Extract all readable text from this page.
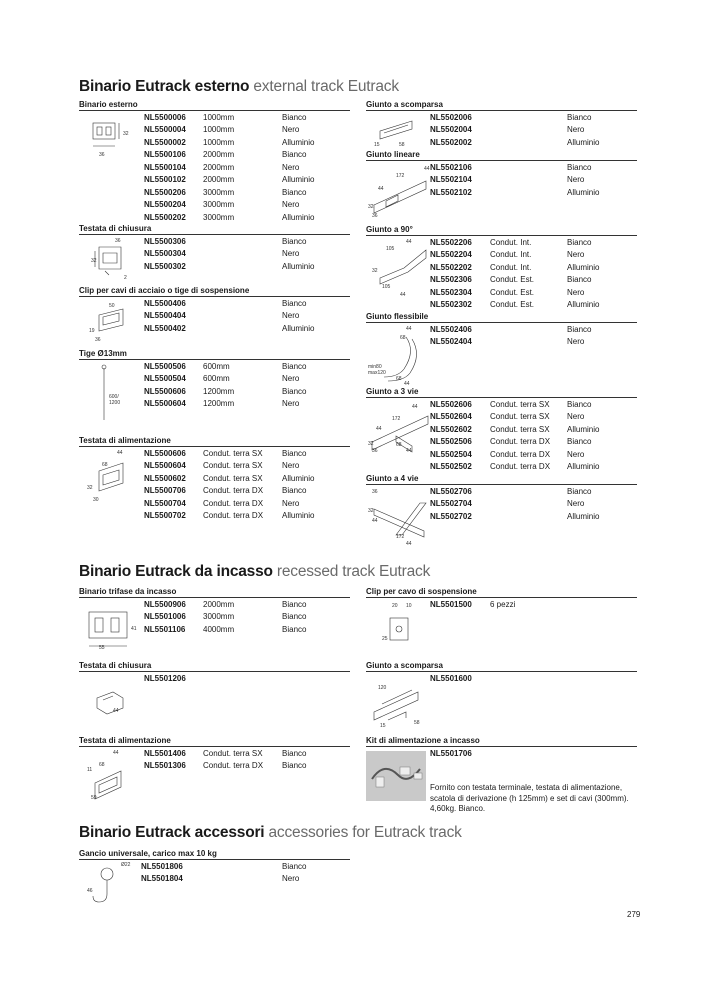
Binario Eutrack esterno external track Eutrack
Binario Eutrack da incasso recessed track Eutrack
Binario Eutrack accessori accessories for Eutrack track
Binario esterno
32
36
NL5500006 1000mm	Bianco
NL5500004 1000mm	Nero
NL5500002 1000mm	Alluminio
NL5500106 2000mm	Bianco
NL5500104 2000mm	Nero
NL5500102 2000mm	Alluminio
NL5500206 3000mm	Bianco
NL5500204 3000mm	Nero
NL5500202 3000mm	Alluminio
Testata di chiusura
36
32
2
NL5500306	Bianco
NL5500304	Nero
NL5500302	Alluminio
Clip per cavi di acciaio o tige di sospensione
50
19
36
NL5500406	Bianco
NL5500404	Nero
NL5500402	Alluminio
Tige Ø13mm
600/
1200
NL5500506 600mm	Bianco
NL5500504 600mm	Nero
NL5500606 1200mm	Bianco
NL5500604 1200mm	Nero
Testata di alimentazione
44
68
32
30
NL5500606 Condut. terra SX Bianco
NL5500604 Condut. terra SX Nero
NL5500602 Condut. terra SX Alluminio
NL5500706 Condut. terra DX Bianco
NL5500704 Condut. terra DX Nero
NL5500702 Condut. terra DX Alluminio
Giunto a scomparsa
15	58
NL5502006	Bianco
NL5502004	Nero
NL5502002	Alluminio
Giunto lineare
44
172
44
32
36
NL5502106	Bianco
NL5502104	Nero
NL5502102	Alluminio
Giunto a 90°
44
105
32
105
44
NL5502206 Condut. Int.	Bianco
NL5502204 Condut. Int.	Nero
NL5502202 Condut. Int.	Alluminio
NL5502306 Condut. Est.	Bianco
NL5502304 Condut. Est.	Nero
NL5502302 Condut. Est.	Alluminio
Giunto flessibile
44
68
min80
max120
68
44
NL5502406	Bianco
NL5502404	Nero
Giunto a 3 vie
44
172
44
32	68
36	44
NL5502606 Condut. terra SX Bianco
NL5502604 Condut. terra SX Nero
NL5502602 Condut. terra SX Alluminio
NL5502506 Condut. terra DX Bianco
NL5502504 Condut. terra DX Nero
NL5502502 Condut. terra DX Alluminio
Giunto a 4 vie
36
32
44
172
44
NL5502706	Bianco
NL5502704	Nero
NL5502702	Alluminio
Binario trifase da incasso
41
55
NL5500906 2000mm	Bianco
NL5501006 3000mm	Bianco
NL5501106 4000mm	Bianco
Testata di chiusura
44
NL5501206
Testata di alimentazione
44
68
11
59
NL5501406 Condut. terra SX Bianco
NL5501306 Condut. terra DX Bianco
Clip per cavo di sospensione
20 10
25
NL5501500 6 pezzi
Giunto a scomparsa
120
15	58
NL5501600
Kit di alimentazione a incasso
NL5501706
Fornito con testata terminale, testata di alimentazione,
scatola di derivazione (h 125mm) e set di cavi (300mm).
4,60kg. Bianco.
Gancio universale, carico max 10 kg
Ø22
46
NL5501806	Bianco
NL5501804	Nero
279
